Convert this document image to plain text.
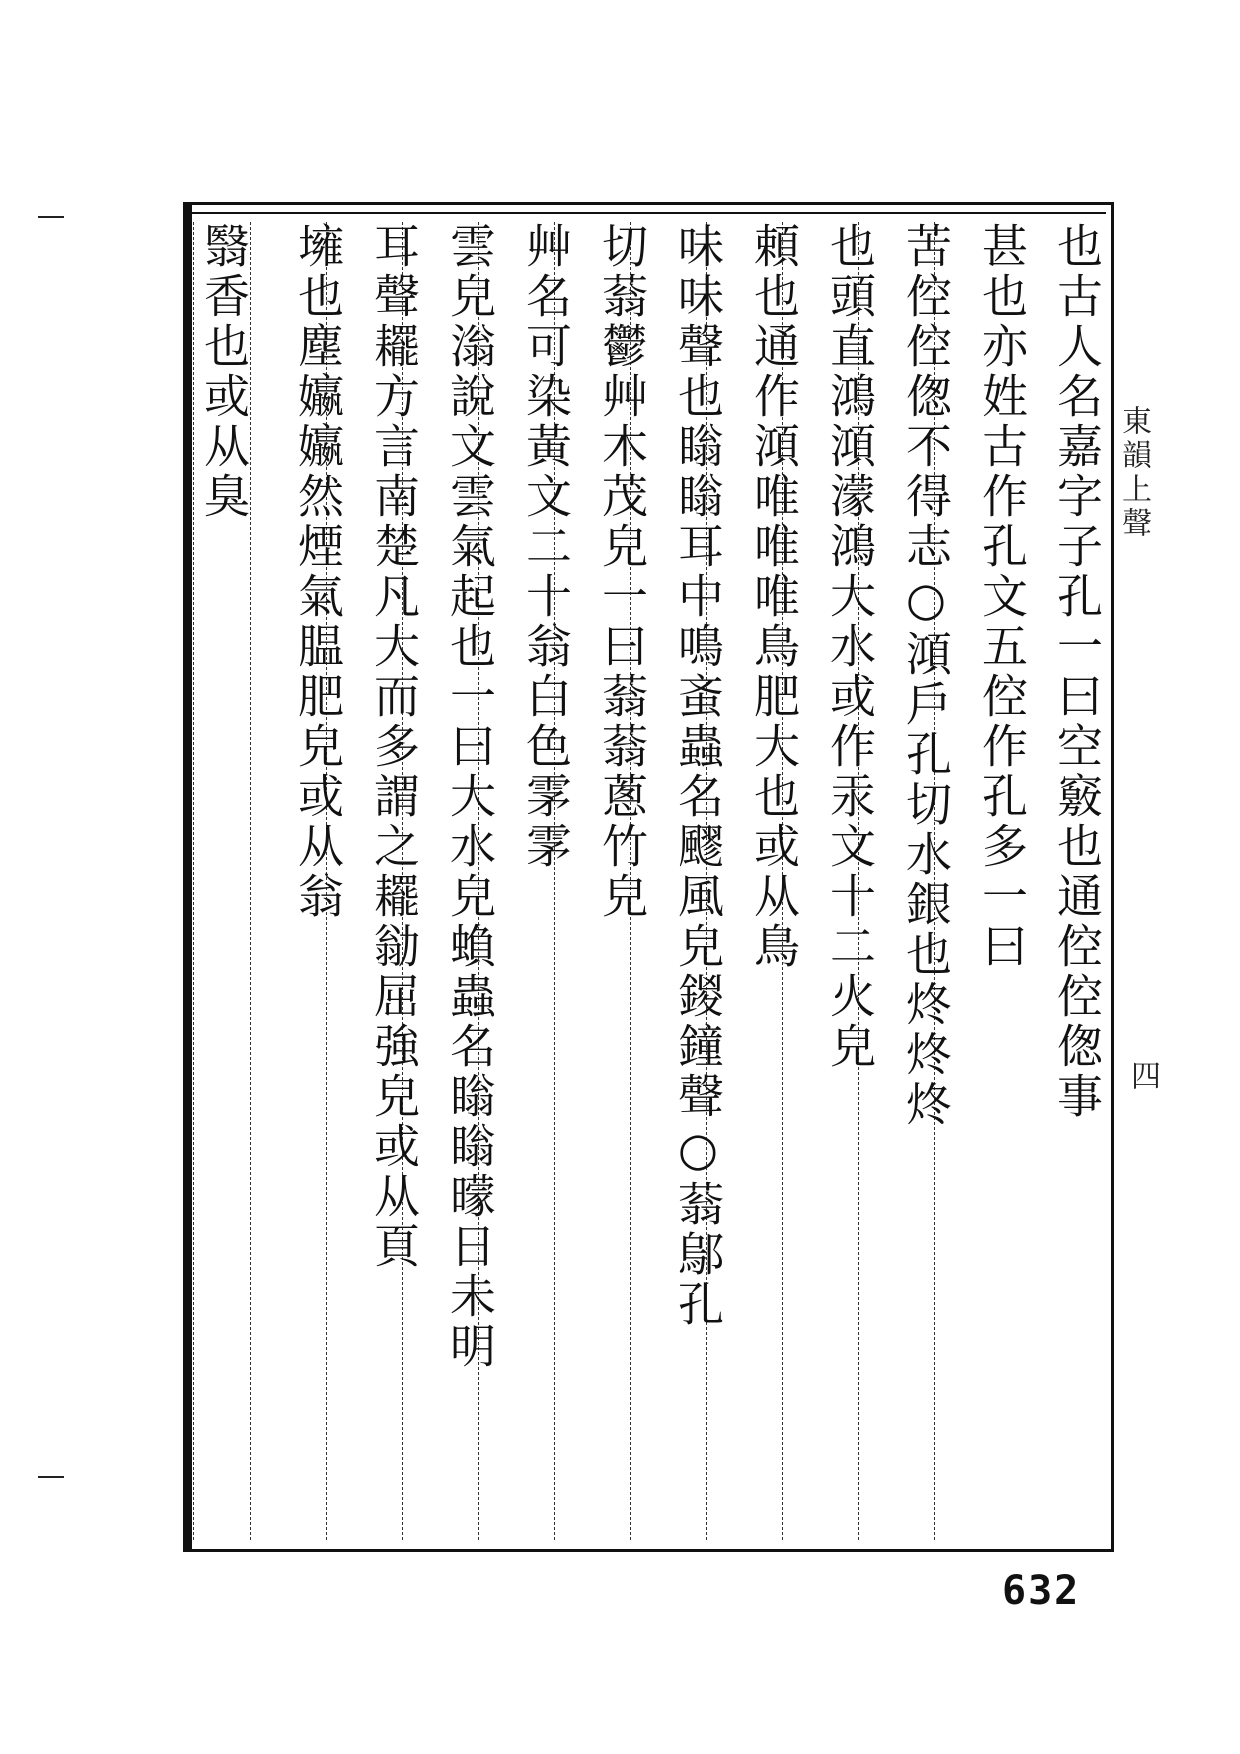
也古人名嘉字子孔一曰空竅也通倥倥偬事
甚也亦姓古作孔文五倥作孔多一曰
苦倥倥偬不得志○澒戶孔切水銀也炵炵炵
也頭直鴻澒濛鴻大水或作汞文十二火皃
頼也通作澒唯唯唯鳥肥大也或从鳥
味味聲也瞈瞈耳中鳴蚉蟲名飂風皃鍐鐘聲○蓊鄔孔
切蓊鬱艸木茂皃一曰蓊蓊蔥竹皃
艸名可染黃文二十翁白色雺雺
雲皃滃說文雲氣起也一曰大水皃蝜蟲名瞈瞈曚日未明
耳聲䎱方言南楚凡大而多謂之䎱勜屈強皃或从頁
㙲也塵㜲㜲然煙氣腽肥皃或从翁
翳香也或从臭	東韻上聲
四
632
